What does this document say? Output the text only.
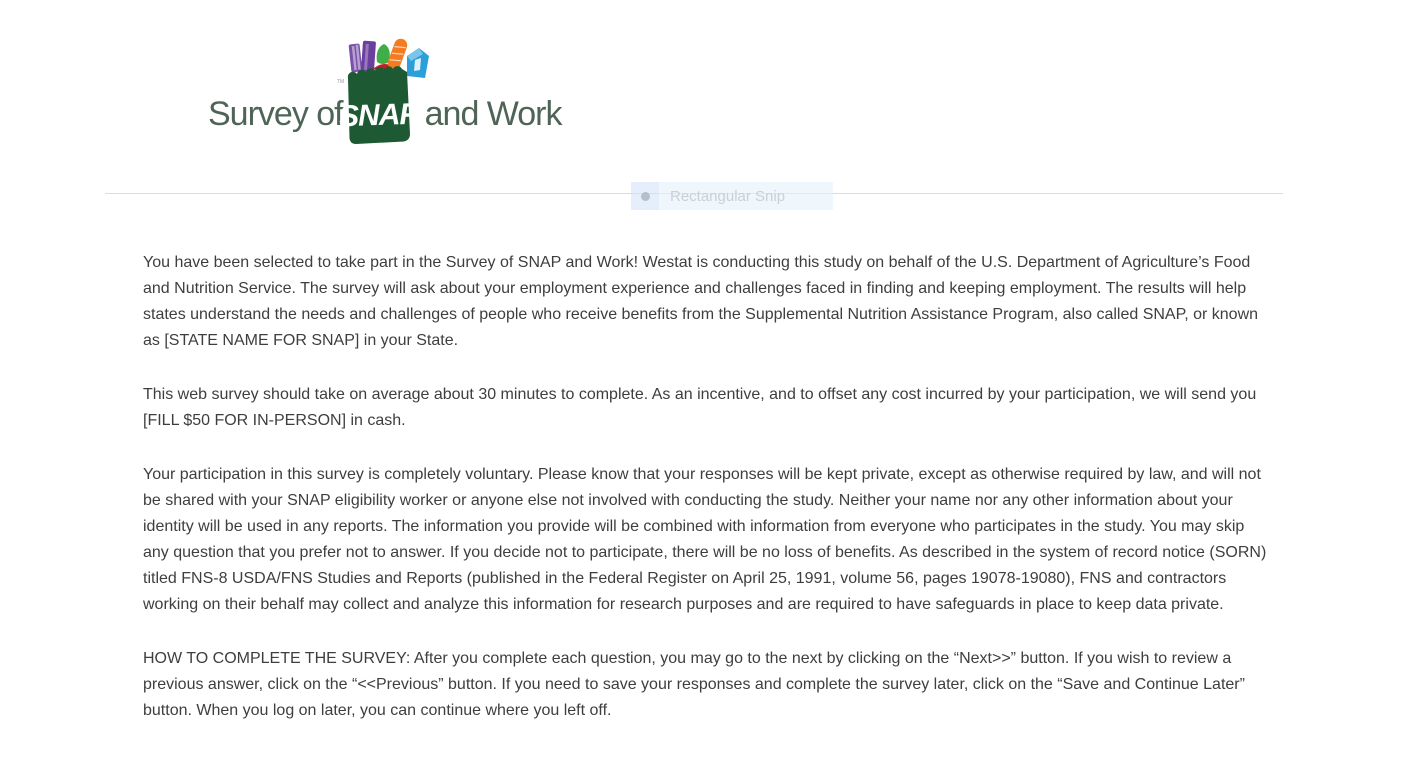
Survey of
TM
SNAP and Work
Rectangular Snip

You have been selected to take part in the Survey of SNAP and Work! Westat is conducting this study on behalf of the U.S. Department of Agriculture’s Food and Nutrition Service. The survey will ask about your employment experience and challenges faced in finding and keeping employment. The results will help states understand the needs and challenges of people who receive benefits from the Supplemental Nutrition Assistance Program, also called SNAP, or known as [STATE NAME FOR SNAP] in your State.

This web survey should take on average about 30 minutes to complete. As an incentive, and to offset any cost incurred by your participation, we will send you [FILL $50 FOR IN-PERSON] in cash.

Your participation in this survey is completely voluntary. Please know that your responses will be kept private, except as otherwise required by law, and will not be shared with your SNAP eligibility worker or anyone else not involved with conducting the study. Neither your name nor any other information about your identity will be used in any reports. The information you provide will be combined with information from everyone who participates in the study. You may skip any question that you prefer not to answer. If you decide not to participate, there will be no loss of benefits. As described in the system of record notice (SORN) titled FNS-8 USDA/FNS Studies and Reports (published in the Federal Register on April 25, 1991, volume 56, pages 19078-19080), FNS and contractors working on their behalf may collect and analyze this information for research purposes and are required to have safeguards in place to keep data private.

HOW TO COMPLETE THE SURVEY: After you complete each question, you may go to the next by clicking on the “Next>>” button. If you wish to review a previous answer, click on the “<<Previous” button. If you need to save your responses and complete the survey later, click on the “Save and Continue Later” button. When you log on later, you can continue where you left off.
